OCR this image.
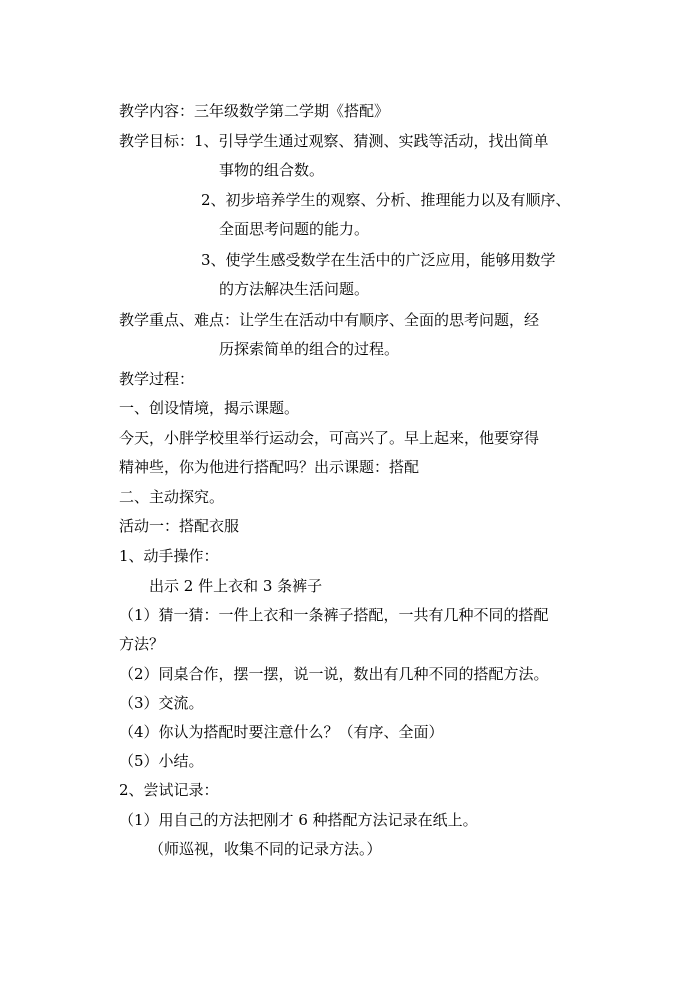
教学内容：三年级数学第二学期《搭配》
教学目标：1、引导学生通过观察、猜测、实践等活动，找出简单
事物的组合数。
2、初步培养学生的观察、分析、推理能力以及有顺序、
全面思考问题的能力。
3、使学生感受数学在生活中的广泛应用，能够用数学
的方法解决生活问题。
教学重点、难点：让学生在活动中有顺序、全面的思考问题，经
历探索简单的组合的过程。
教学过程：
一、创设情境，揭示课题。
今天，小胖学校里举行运动会，可高兴了。早上起来，他要穿得
精神些，你为他进行搭配吗？出示课题：搭配
二、主动探究。
活动一：搭配衣服
1、动手操作：
出示 2 件上衣和 3 条裤子
（1）猜一猜：一件上衣和一条裤子搭配，一共有几种不同的搭配
方法？
（2）同桌合作，摆一摆，说一说，数出有几种不同的搭配方法。
（3）交流。
（4）你认为搭配时要注意什么？（有序、全面）
（5）小结。
2、尝试记录：
（1）用自己的方法把刚才 6 种搭配方法记录在纸上。
（师巡视，收集不同的记录方法。）
